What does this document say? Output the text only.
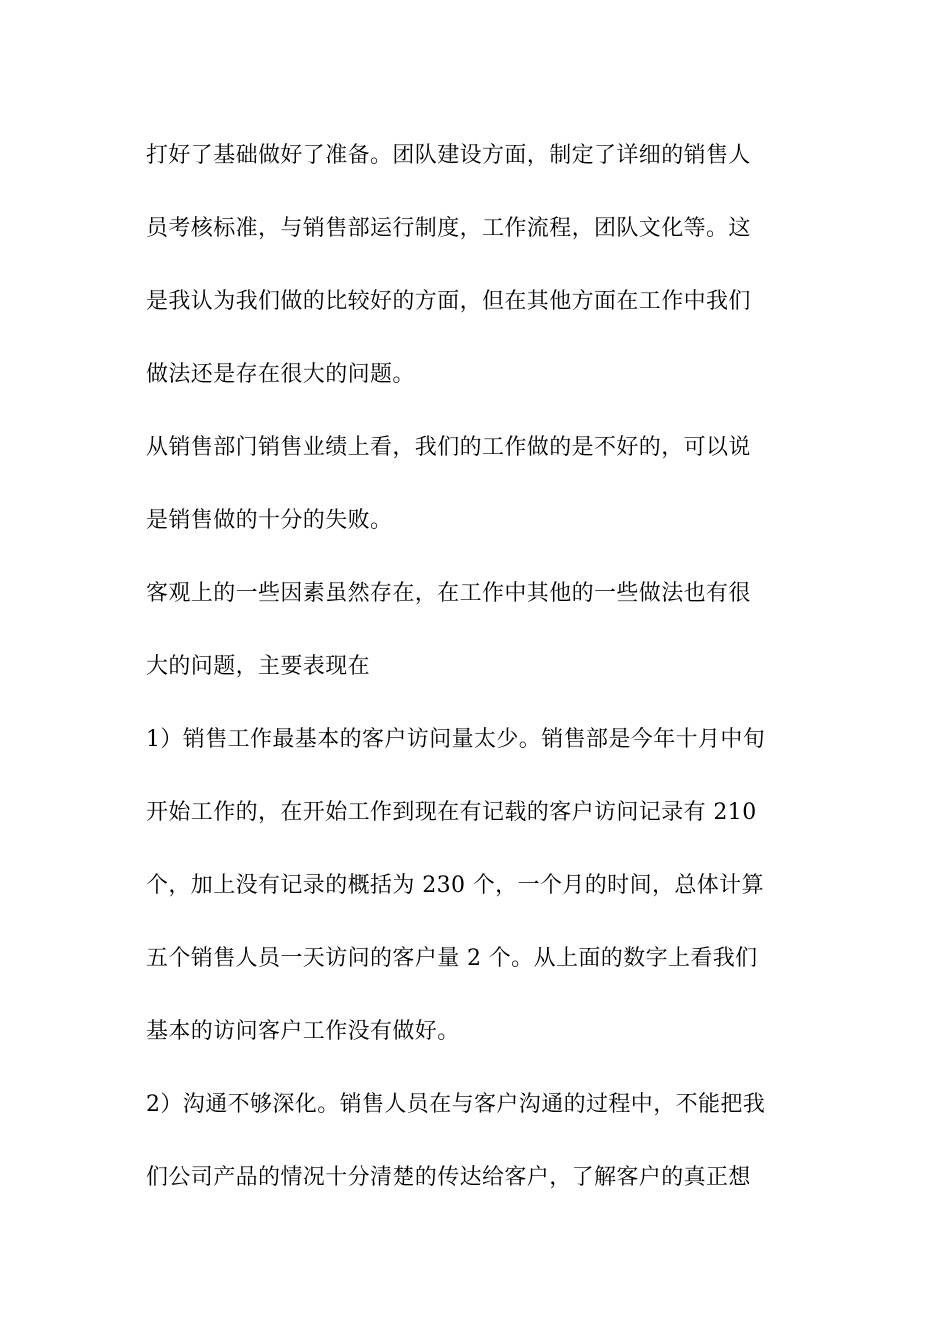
打好了基础做好了准备。团队建设方面，制定了详细的销售人
员考核标准，与销售部运行制度，工作流程，团队文化等。这
是我认为我们做的比较好的方面，但在其他方面在工作中我们
做法还是存在很大的问题。
从销售部门销售业绩上看，我们的工作做的是不好的，可以说
是销售做的十分的失败。
客观上的一些因素虽然存在，在工作中其他的一些做法也有很
大的问题，主要表现在
1）销售工作最基本的客户访问量太少。销售部是今年十月中旬
开始工作的，在开始工作到现在有记载的客户访问记录有 210
个，加上没有记录的概括为 230 个，一个月的时间，总体计算
五个销售人员一天访问的客户量 2 个。从上面的数字上看我们
基本的访问客户工作没有做好。
2）沟通不够深化。销售人员在与客户沟通的过程中，不能把我
们公司产品的情况十分清楚的传达给客户，了解客户的真正想
